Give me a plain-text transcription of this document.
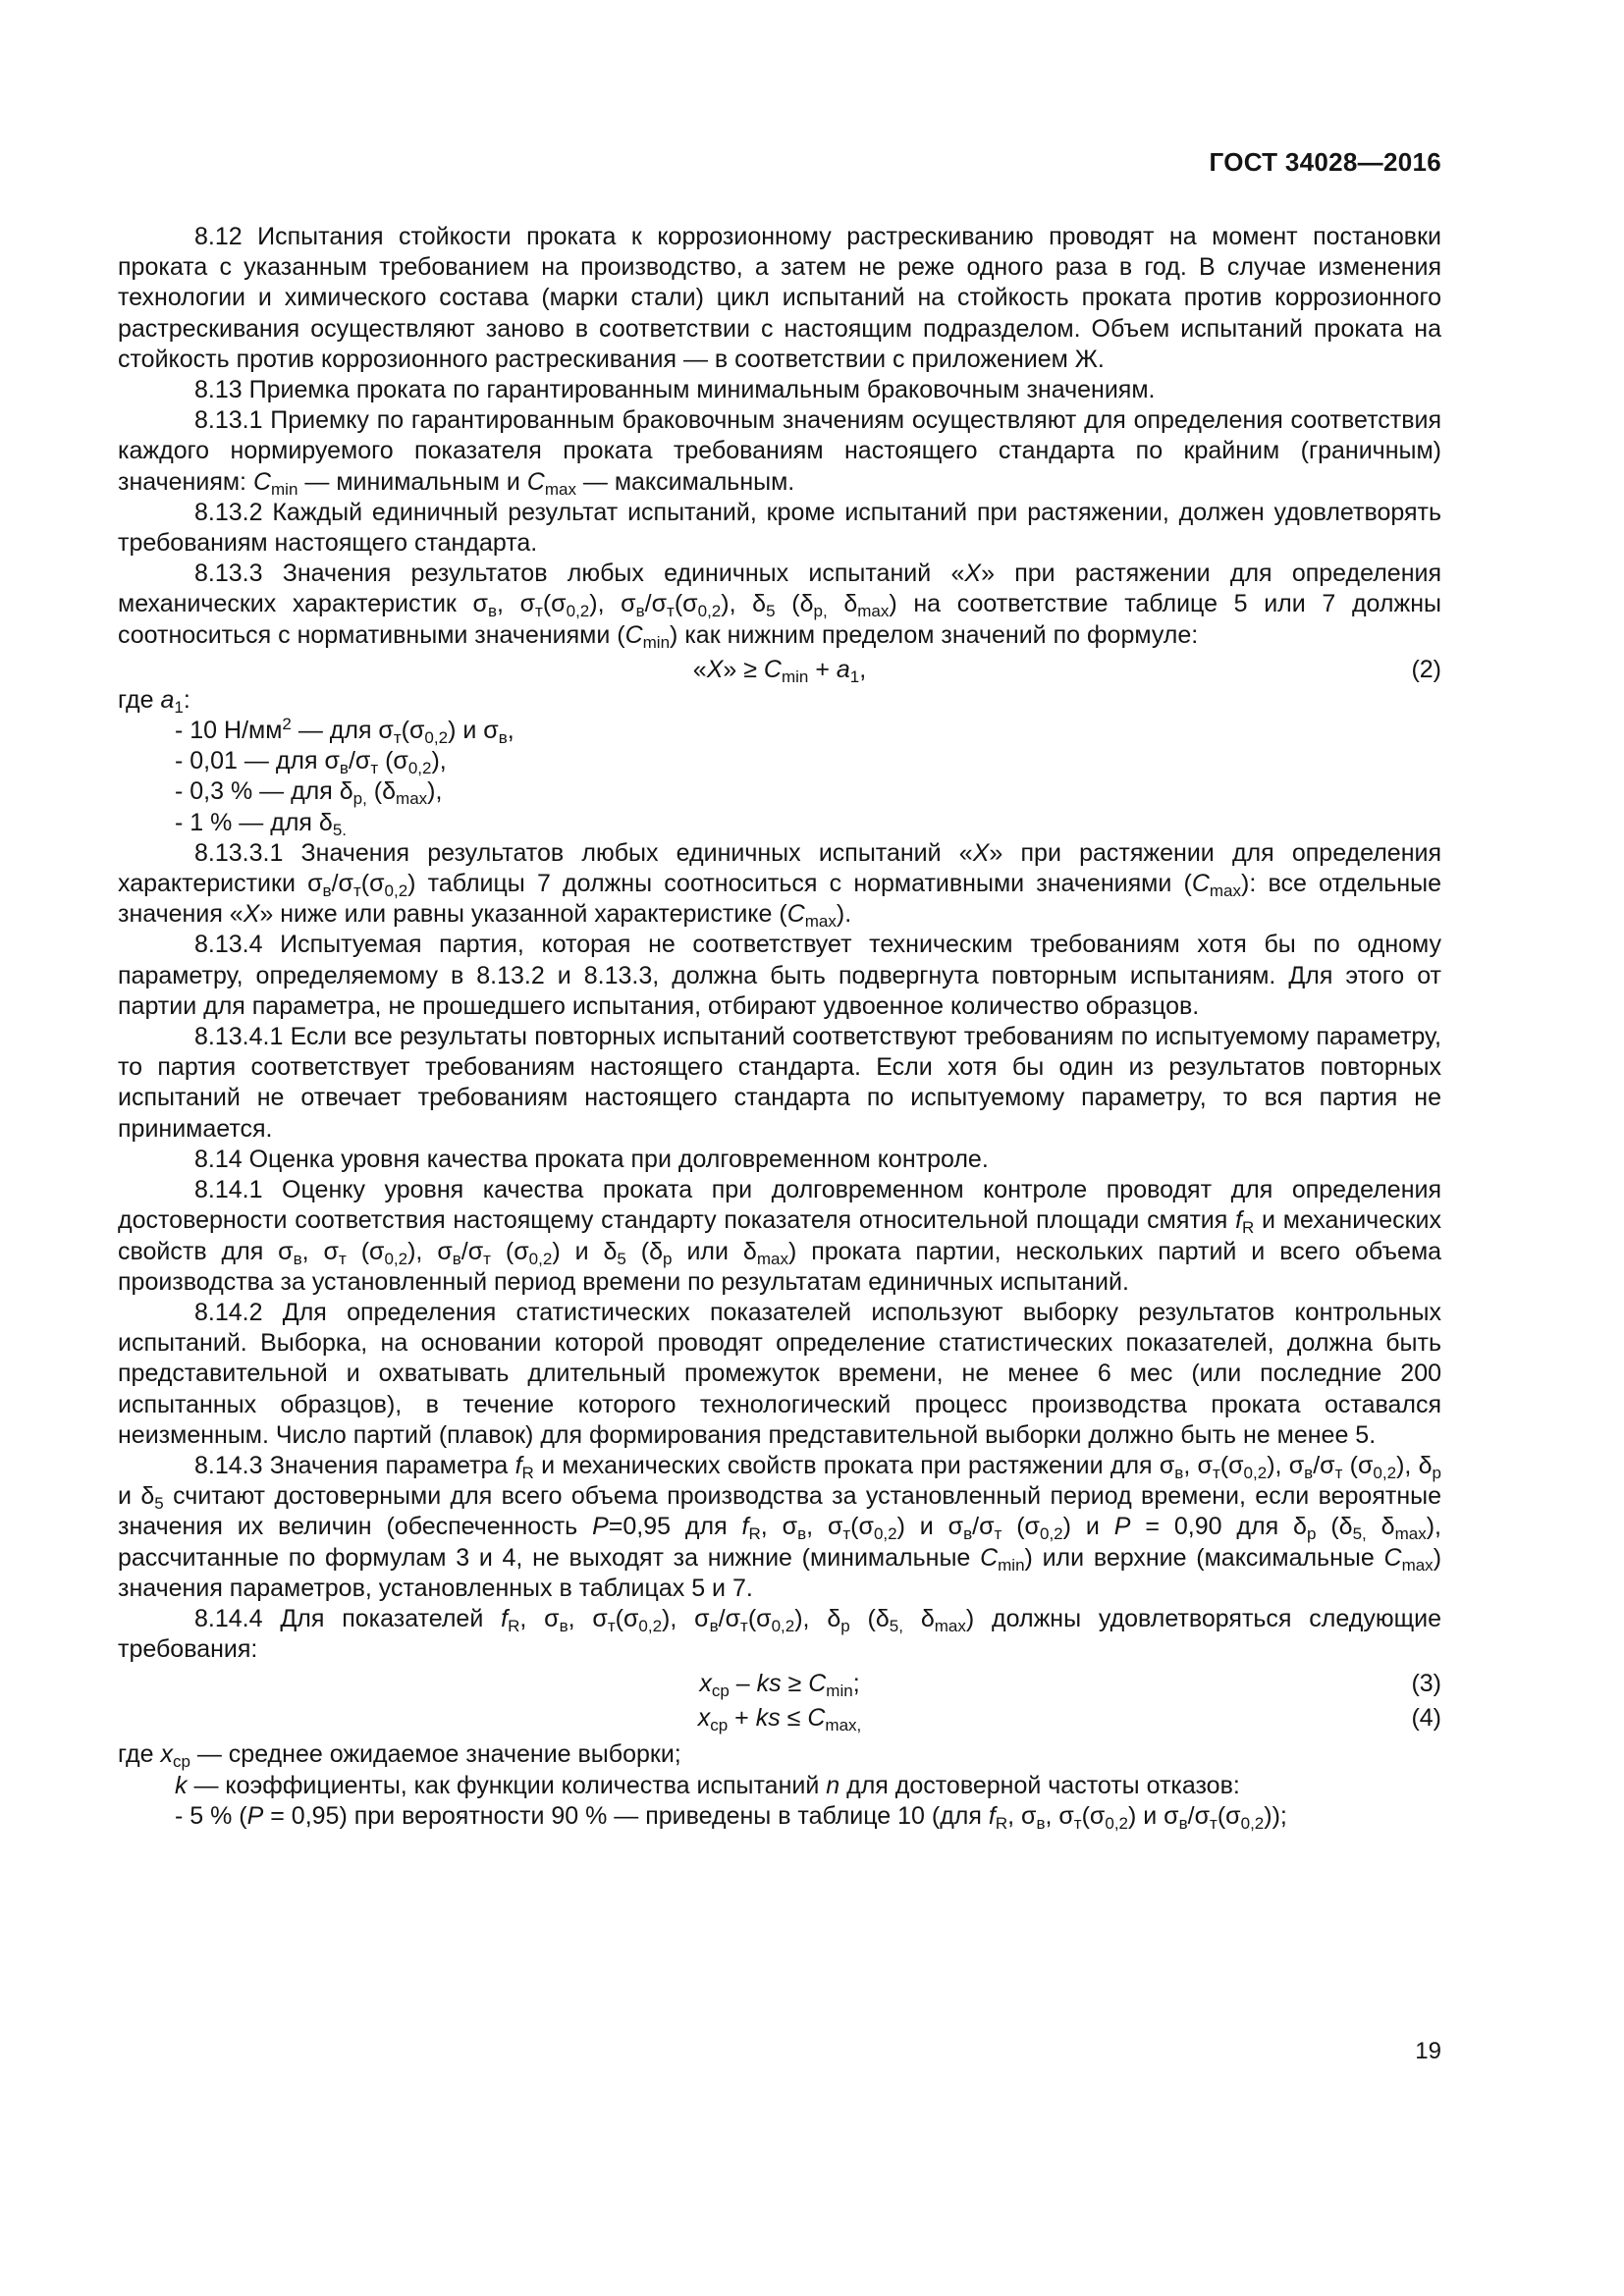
ГОСТ 34028—2016

8.12 Испытания стойкости проката к коррозионному растрескиванию проводят на момент постановки проката с указанным требованием на производство, а затем не реже одного раза в год. В случае изменения технологии и химического состава (марки стали) цикл испытаний на стойкость проката против коррозионного растрескивания осуществляют заново в соответствии с настоящим подразделом. Объем испытаний проката на стойкость против коррозионного растрескивания — в соответствии с приложением Ж.

8.13 Приемка проката по гарантированным минимальным браковочным значениям.

8.13.1 Приемку по гарантированным браковочным значениям осуществляют для определения соответствия каждого нормируемого показателя проката требованиям настоящего стандарта по крайним (граничным) значениям: $C_{min}$ — минимальным и $C_{max}$ — максимальным.

8.13.2 Каждый единичный результат испытаний, кроме испытаний при растяжении, должен удовлетворять требованиям настоящего стандарта.

8.13.3 Значения результатов любых единичных испытаний «X» при растяжении для определения механических характеристик $\sigma_в$, $\sigma_т(\sigma_{0,2})$, $\sigma_в/\sigma_т(\sigma_{0,2})$, $\delta_5$ ($\delta_{p,}$ $\delta_{max}$) на соответствие таблице 5 или 7 должны соотноситься с нормативными значениями $(C_{min})$ как нижним пределом значений по формуле:

«X» ≥ $C_{min} + a_1$,	(2)

где $a_1$:

- 10 $Н/мм^2$ — для $\sigma_т(\sigma_{0,2})$ и $\sigma_в$,

- 0,01 — для $\sigma_в/\sigma_т$ $(\sigma_{0,2})$,

- 0,3 % — для $\delta_{p,}$ $(\delta_{max})$,

- 1 % — для $\delta_{5.}$

8.13.3.1 Значения результатов любых единичных испытаний «X» при растяжении для определения характеристики $\sigma_в/\sigma_т(\sigma_{0,2})$ таблицы 7 должны соотноситься с нормативными значениями $(C_{max})$: все отдельные значения «X» ниже или равны указанной характеристике $(C_{max})$.

8.13.4 Испытуемая партия, которая не соответствует техническим требованиям хотя бы по одному параметру, определяемому в 8.13.2 и 8.13.3, должна быть подвергнута повторным испытаниям. Для этого от партии для параметра, не прошедшего испытания, отбирают удвоенное количество образцов.

8.13.4.1 Если все результаты повторных испытаний соответствуют требованиям по испытуемому параметру, то партия соответствует требованиям настоящего стандарта. Если хотя бы один из результатов повторных испытаний не отвечает требованиям настоящего стандарта по испытуемому параметру, то вся партия не принимается.

8.14 Оценка уровня качества проката при долговременном контроле.

8.14.1 Оценку уровня качества проката при долговременном контроле проводят для определения достоверности соответствия настоящему стандарту показателя относительной площади смятия $f_R$ и механических свойств для $\sigma_в$, $\sigma_т$ $(\sigma_{0,2})$, $\sigma_в/\sigma_т$ $(\sigma_{0,2})$ и $\delta_5$ ($\delta_p$ или $\delta_{max}$) проката партии, нескольких партий и всего объема производства за установленный период времени по результатам единичных испытаний.

8.14.2 Для определения статистических показателей используют выборку результатов контрольных испытаний. Выборка, на основании которой проводят определение статистических показателей, должна быть представительной и охватывать длительный промежуток времени, не менее 6 мес (или последние 200 испытанных образцов), в течение которого технологический процесс производства проката оставался неизменным. Число партий (плавок) для формирования представительной выборки должно быть не менее 5.

8.14.3 Значения параметра $f_R$ и механических свойств проката при растяжении для $\sigma_в$, $\sigma_т(\sigma_{0,2})$, $\sigma_в/\sigma_т$ $(\sigma_{0,2})$, $\delta_p$ и $\delta_5$ считают достоверными для всего объема производства за установленный период времени, если вероятные значения их величин (обеспеченность P=0,95 для $f_R$, $\sigma_в$, $\sigma_т(\sigma_{0,2})$ и $\sigma_в/\sigma_т$ $(\sigma_{0,2})$ и P = 0,90 для $\delta_p$ ($\delta_{5,}$ $\delta_{max}$), рассчитанные по формулам 3 и 4, не выходят за нижние (минимальные $C_{min}$) или верхние (максимальные $C_{max}$) значения параметров, установленных в таблицах 5 и 7.

8.14.4 Для показателей $f_R$, $\sigma_в$, $\sigma_т(\sigma_{0,2})$, $\sigma_в/\sigma_т(\sigma_{0,2})$, $\delta_p$ ($\delta_{5,}$ $\delta_{max}$) должны удовлетворяться следующие требования:

$x_{ср}$ – ks ≥ $C_{min}$;	(3)
$x_{ср}$ + ks ≤ $C_{max,}$	(4)

где $x_{ср}$ — среднее ожидаемое значение выборки;

k — коэффициенты, как функции количества испытаний n для достоверной частоты отказов:

- 5 % (P = 0,95) при вероятности 90 % — приведены в таблице 10 (для $f_R$, $\sigma_в$, $\sigma_т(\sigma_{0,2})$ и $\sigma_в/\sigma_т(\sigma_{0,2})$);

19
